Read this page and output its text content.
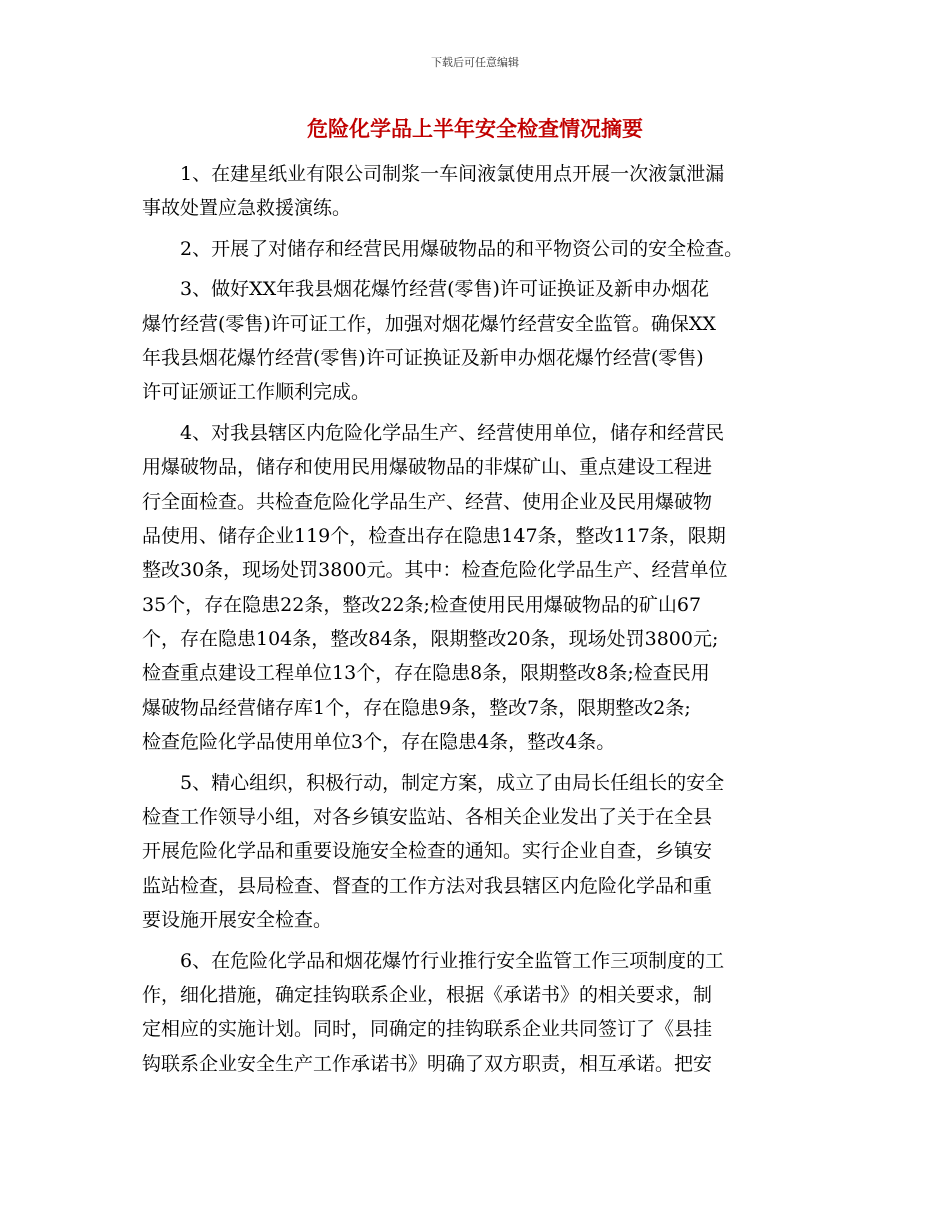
下载后可任意编辑
危险化学品上半年安全检查情况摘要
1、在建星纸业有限公司制浆一车间液氯使用点开展一次液氯泄漏
事故处置应急救援演练。
2、开展了对储存和经营民用爆破物品的和平物资公司的安全检查。
3、做好XX年我县烟花爆竹经营(零售)许可证换证及新申办烟花
爆竹经营(零售)许可证工作，加强对烟花爆竹经营安全监管。确保XX
年我县烟花爆竹经营(零售)许可证换证及新申办烟花爆竹经营(零售)
许可证颁证工作顺利完成。
4、对我县辖区内危险化学品生产、经营使用单位，储存和经营民
用爆破物品，储存和使用民用爆破物品的非煤矿山、重点建设工程进
行全面检查。共检查危险化学品生产、经营、使用企业及民用爆破物
品使用、储存企业119个，检查出存在隐患147条，整改117条，限期
整改30条，现场处罚3800元。其中：检查危险化学品生产、经营单位
35个，存在隐患22条，整改22条;检查使用民用爆破物品的矿山67
个，存在隐患104条，整改84条，限期整改20条，现场处罚3800元;
检查重点建设工程单位13个，存在隐患8条，限期整改8条;检查民用
爆破物品经营储存库1个，存在隐患9条，整改7条，限期整改2条;
检查危险化学品使用单位3个，存在隐患4条，整改4条。
5、精心组织，积极行动，制定方案，成立了由局长任组长的安全
检查工作领导小组，对各乡镇安监站、各相关企业发出了关于在全县
开展危险化学品和重要设施安全检查的通知。实行企业自查，乡镇安
监站检查，县局检查、督查的工作方法对我县辖区内危险化学品和重
要设施开展安全检查。
6、在危险化学品和烟花爆竹行业推行安全监管工作三项制度的工
作，细化措施，确定挂钩联系企业，根据《承诺书》的相关要求，制
定相应的实施计划。同时，同确定的挂钩联系企业共同签订了《县挂
钩联系企业安全生产工作承诺书》明确了双方职责，相互承诺。把安
